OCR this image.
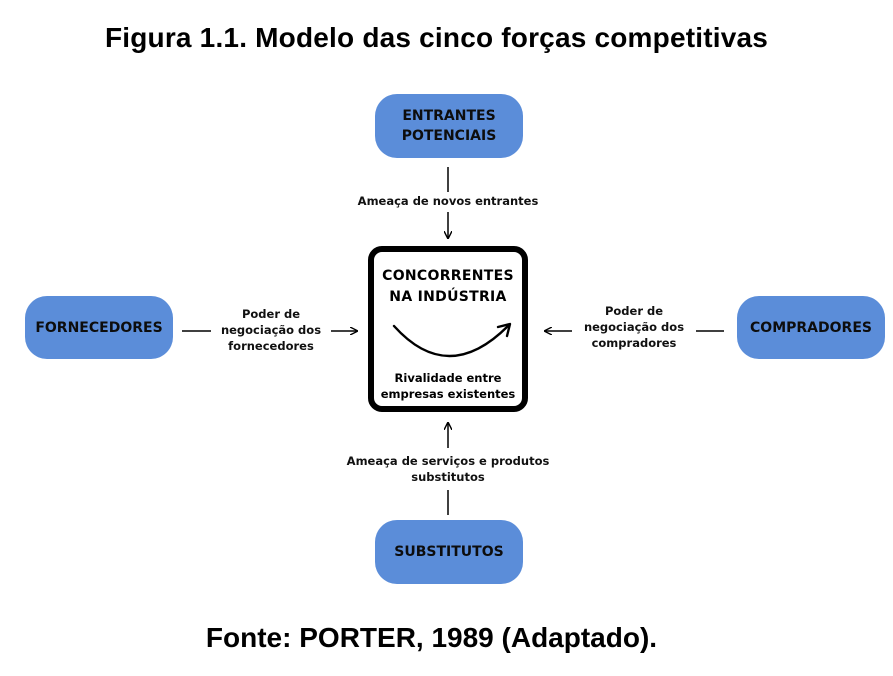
Figura 1.1. Modelo das cinco forças competitivas
ENTRANTES
POTENCIAIS
FORNECEDORES	COMPRADORES
SUBSTITUTOS
Ameaça de novos entrantes
Poder de
negociação dos
fornecedores
Poder de
negociação dos
compradores
Ameaça de serviços e produtos
substitutos
CONCORRENTES
NA INDÚSTRIA
Rivalidade entre
empresas existentes
Fonte: PORTER, 1989 (Adaptado).
